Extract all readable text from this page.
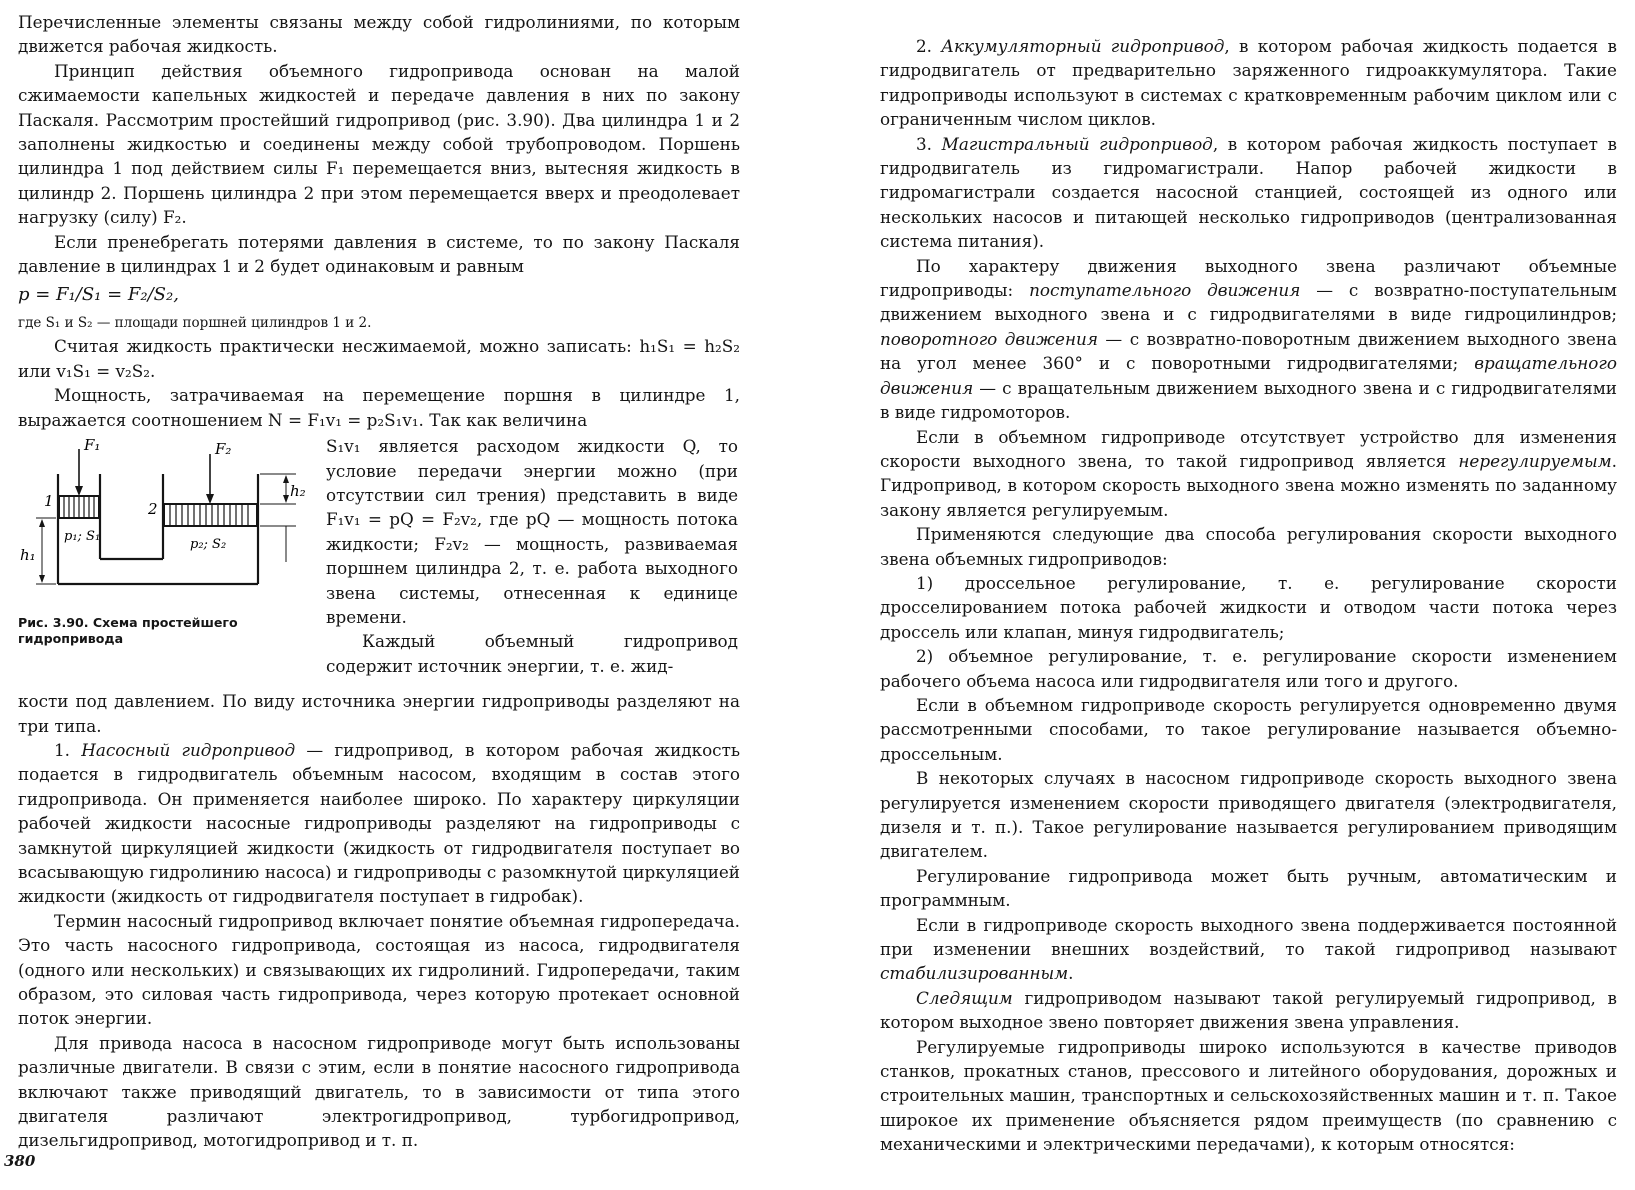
Перечисленные элементы связаны между собой гидролиниями, по которым движется рабочая жидкость.

Принцип действия объемного гидропривода основан на малой сжимаемости капельных жидкостей и передаче давления в них по закону Паскаля. Рассмотрим простейший гидропривод (рис. 3.90). Два цилиндра 1 и 2 заполнены жидкостью и соединены между собой трубопроводом. Поршень цилиндра 1 под действием силы F₁ перемещается вниз, вытесняя жидкость в цилиндр 2. Поршень цилиндра 2 при этом перемещается вверх и преодолевает нагрузку (силу) F₂.

Если пренебрегать потерями давления в системе, то по закону Паскаля давление в цилиндрах 1 и 2 будет одинаковым и равным

p = F₁/S₁ = F₂/S₂,

где S₁ и S₂ — площади поршней цилиндров 1 и 2.

Считая жидкость практически несжимаемой, можно записать: h₁S₁ = h₂S₂ или v₁S₁ = v₂S₂.

Мощность, затрачиваемая на перемещение поршня в цилиндре 1, выражается соотношением N = F₁v₁ = p₂S₁v₁. Так как величина

F₁	F₂
h₁
h₂
1	2
p₁; S₁
p₂; S₂
Рис. 3.90. Схема простейшего гидропривода

S₁v₁ является расходом жидкости Q, то условие передачи энергии можно (при отсутствии сил трения) представить в виде F₁v₁ = pQ = F₂v₂, где pQ — мощность потока жидкости; F₂v₂ — мощность, развиваемая поршнем цилиндра 2, т. е. работа выходного звена системы, отнесенная к единице времени.

Каждый объемный гидропривод содержит источник энергии, т. е. жид-

кости под давлением. По виду источника энергии гидроприводы разделяют на три типа.

1. Насосный гидропривод — гидропривод, в котором рабочая жидкость подается в гидродвигатель объемным насосом, входящим в состав этого гидропривода. Он применяется наиболее широко. По характеру циркуляции рабочей жидкости насосные гидроприводы разделяют на гидроприводы с замкнутой циркуляцией жидкости (жидкость от гидродвигателя поступает во всасывающую гидролинию насоса) и гидроприводы с разомкнутой циркуляцией жидкости (жидкость от гидродвигателя поступает в гидробак).

Термин насосный гидропривод включает понятие объемная гидропередача. Это часть насосного гидропривода, состоящая из насоса, гидродвигателя (одного или нескольких) и связывающих их гидролиний. Гидропередачи, таким образом, это силовая часть гидропривода, через которую протекает основной поток энергии.

Для привода насоса в насосном гидроприводе могут быть использованы различные двигатели. В связи с этим, если в понятие насосного гидропривода включают также приводящий двигатель, то в зависимости от типа этого двигателя различают электрогидропривод, турбогидропривод, дизельгидропривод, мотогидропривод и т. п.

380

2. Аккумуляторный гидропривод, в котором рабочая жидкость подается в гидродвигатель от предварительно заряженного гидроаккумулятора. Такие гидроприводы используют в системах с кратковременным рабочим циклом или с ограниченным числом циклов.

3. Магистральный гидропривод, в котором рабочая жидкость поступает в гидродвигатель из гидромагистрали. Напор рабочей жидкости в гидромагистрали создается насосной станцией, состоящей из одного или нескольких насосов и питающей несколько гидроприводов (централизованная система питания).

По характеру движения выходного звена различают объемные гидроприводы: поступательного движения — с возвратно-поступательным движением выходного звена и с гидродвигателями в виде гидроцилиндров; поворотного движения — с возвратно-поворотным движением выходного звена на угол менее 360° и с поворотными гидродвигателями; вращательного движения — с вращательным движением выходного звена и с гидродвигателями в виде гидромоторов.

Если в объемном гидроприводе отсутствует устройство для изменения скорости выходного звена, то такой гидропривод является нерегулируемым. Гидропривод, в котором скорость выходного звена можно изменять по заданному закону является регулируемым.

Применяются следующие два способа регулирования скорости выходного звена объемных гидроприводов:

1) дроссельное регулирование, т. е. регулирование скорости дросселированием потока рабочей жидкости и отводом части потока через дроссель или клапан, минуя гидродвигатель;

2) объемное регулирование, т. е. регулирование скорости изменением рабочего объема насоса или гидродвигателя или того и другого.

Если в объемном гидроприводе скорость регулируется одновременно двумя рассмотренными способами, то такое регулирование называется объемно-дроссельным.

В некоторых случаях в насосном гидроприводе скорость выходного звена регулируется изменением скорости приводящего двигателя (электродвигателя, дизеля и т. п.). Такое регулирование называется регулированием приводящим двигателем.

Регулирование гидропривода может быть ручным, автоматическим и программным.

Если в гидроприводе скорость выходного звена поддерживается постоянной при изменении внешних воздействий, то такой гидропривод называют стабилизированным.

Следящим гидроприводом называют такой регулируемый гидропривод, в котором выходное звено повторяет движения звена управления.

Регулируемые гидроприводы широко используются в качестве приводов станков, прокатных станов, прессового и литейного оборудования, дорожных и строительных машин, транспортных и сельскохозяйственных машин и т. п. Такое широкое их применение объясняется рядом преимуществ (по сравнению с механическими и электрическими передачами), к которым относятся:
